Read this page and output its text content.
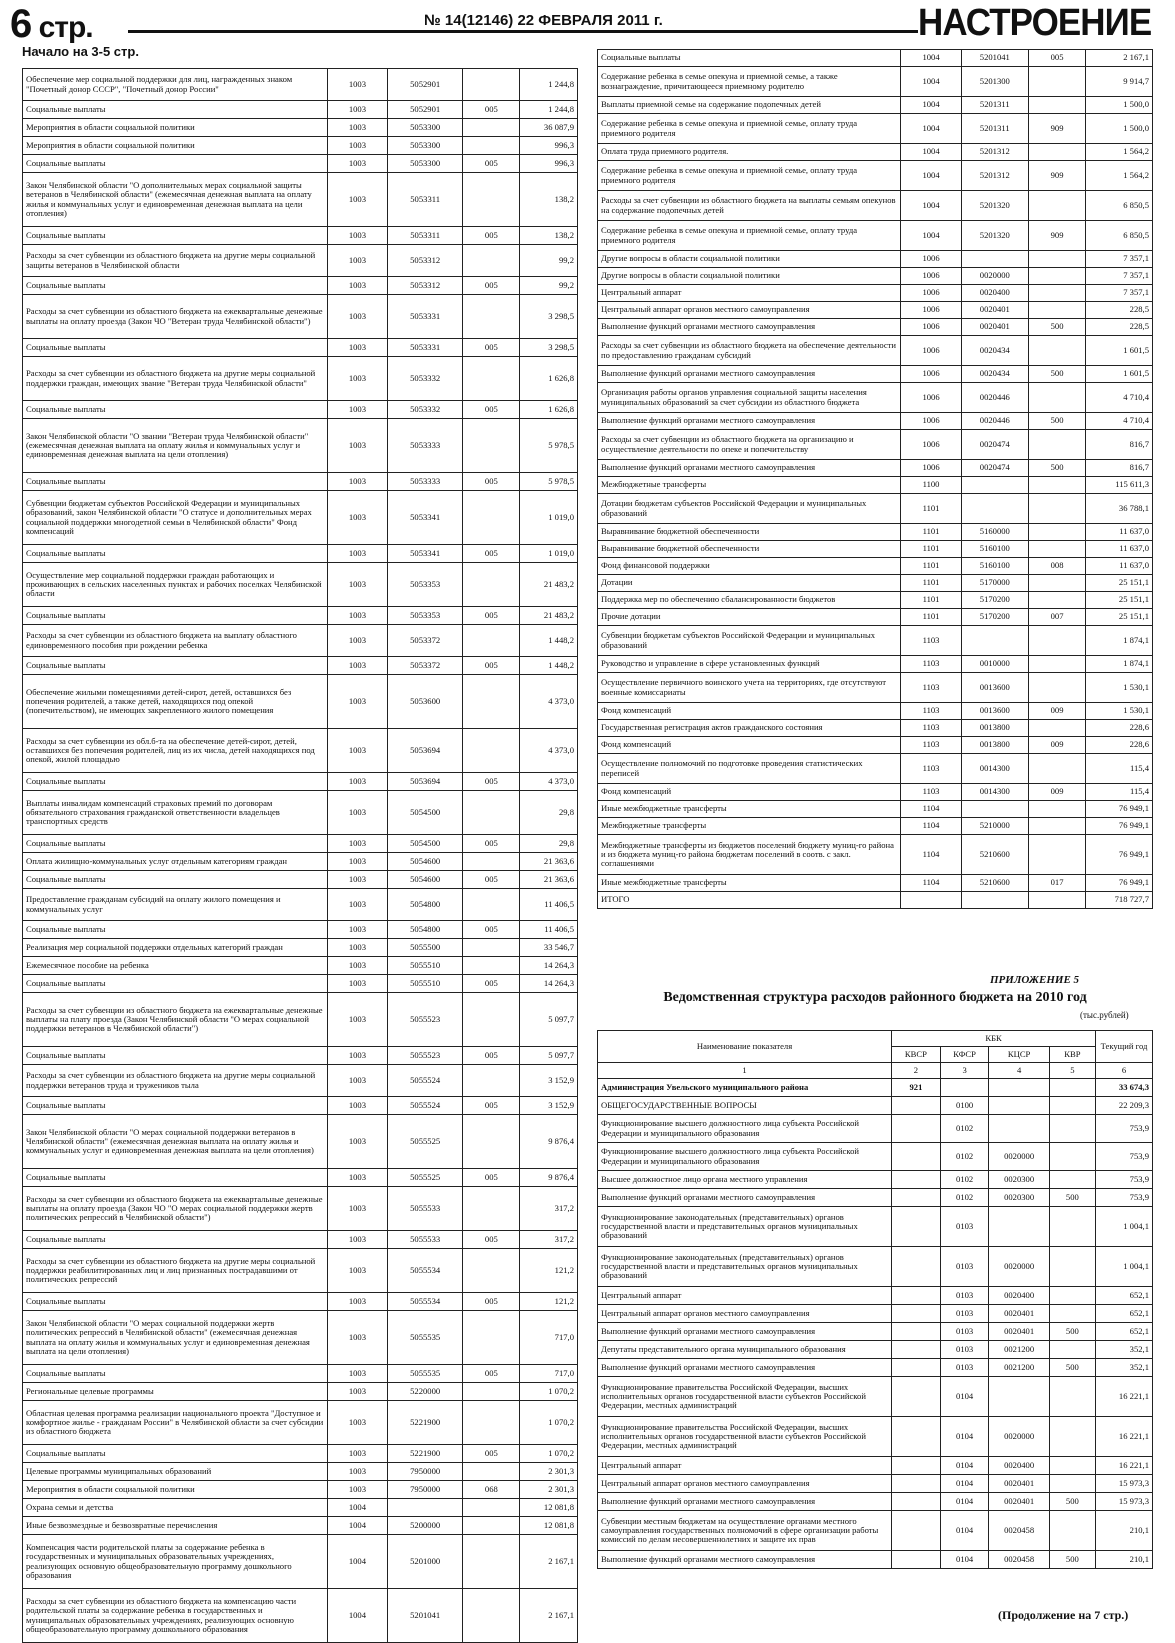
6 стр.	№ 14(12146) 22 ФЕВРАЛЯ 2011 г.	НАСТРОЕНИЕ
Начало на 3-5 стр.
Обеспечение мер социальной поддержки для лиц, награжденных знаком "Почетный донор СССР", "Почетный донор России"	1003	5052901		1 244,8
Социальные выплаты	1003	5052901	005	1 244,8
Мероприятия в области социальной политики	1003	5053300		36 087,9
Мероприятия в области социальной политики	1003	5053300		996,3
Социальные выплаты	1003	5053300	005	996,3
Закон Челябинской области "О дополнительных мерах социальной защиты ветеранов в Челябинской области" (ежемесячная денежная выплата на оплату жилья и коммунальных услуг и единовременная денежная выплата на цели отопления)	1003	5053311		138,2
Социальные выплаты	1003	5053311	005	138,2
Расходы за счет субвенции из областного бюджета на другие меры социальной защиты ветеранов в Челябинской области	1003	5053312		99,2
Социальные выплаты	1003	5053312	005	99,2
Расходы за счет субвенции из областного бюджета на ежеквартальные денежные выплаты на оплату проезда (Закон ЧО "Ветеран труда Челябинской области")	1003	5053331		3 298,5
Социальные выплаты	1003	5053331	005	3 298,5
Расходы за счет субвенции из областного бюджета на другие меры социальной поддержки граждан, имеющих звание "Ветеран труда Челябинской области"	1003	5053332		1 626,8
Социальные выплаты	1003	5053332	005	1 626,8
Закон Челябинской области "О звании "Ветеран труда Челябинской области" (ежемесячная денежная выплата на оплату жилья и коммунальных услуг и единовременная денежная выплата на цели отопления)	1003	5053333		5 978,5
Социальные выплаты	1003	5053333	005	5 978,5
Субвенции бюджетам субъектов Российской Федерации и муниципальных образований, закон Челябинской области "О статусе и дополнительных мерах социальной поддержки многодетной семьи в Челябинской области" Фонд компенсаций	1003	5053341		1 019,0
Социальные выплаты	1003	5053341	005	1 019,0
Осуществление мер социальной поддержки граждан работающих и проживающих в сельских населенных пунктах и рабочих поселках Челябинской области	1003	5053353		21 483,2
Социальные выплаты	1003	5053353	005	21 483,2
Расходы за счет субвенции из областного бюджета на выплату областного единовременного пособия при рождении ребенка	1003	5053372		1 448,2
Социальные выплаты	1003	5053372	005	1 448,2
Обеспечение жилыми помещениями детей-сирот, детей, оставшихся без попечения родителей, а также детей, находящихся под опекой (попечительством), не имеющих закрепленного жилого помещения	1003	5053600		4 373,0
Расходы за счет субвенции из обл.б-та на обеспечение детей-сирот, детей, оставшихся без попечения родителей, лиц из их числа, детей находящихся под опекой, жилой площадью	1003	5053694		4 373,0
Социальные выплаты	1003	5053694	005	4 373,0
Выплаты инвалидам компенсаций страховых премий по договорам обязательного страхования гражданской ответственности владельцев транспортных средств	1003	5054500		29,8
Социальные выплаты	1003	5054500	005	29,8
Оплата жилищно-коммунальных услуг отдельным категориям граждан	1003	5054600		21 363,6
Социальные выплаты	1003	5054600	005	21 363,6
Предоставление гражданам субсидий на оплату жилого помещения и коммунальных услуг	1003	5054800		11 406,5
Социальные выплаты	1003	5054800	005	11 406,5
Реализация мер социальной поддержки отдельных категорий граждан	1003	5055500		33 546,7
Ежемесячное пособие на ребенка	1003	5055510		14 264,3
Социальные выплаты	1003	5055510	005	14 264,3
Расходы за счет субвенции из областного бюджета на ежеквартальные денежные выплаты на плату проезда (Закон Челябинской области "О мерах социальной поддержки ветеранов в Челябинской области")	1003	5055523		5 097,7
Социальные выплаты	1003	5055523	005	5 097,7
Расходы за счет субвенции из областного бюджета на другие меры социальной поддержки ветеранов труда и тружеников тыла	1003	5055524		3 152,9
Социальные выплаты	1003	5055524	005	3 152,9
Закон Челябинской области "О мерах социальной поддержки ветеранов в Челябинской области" (ежемесячная денежная выплата на оплату жилья и коммунальных услуг и единовременная денежная выплата на цели отопления)	1003	5055525		9 876,4
Социальные выплаты	1003	5055525	005	9 876,4
Расходы за счет субвенции из областного бюджета на ежеквартальные денежные выплаты на оплату проезда (Закон ЧО "О мерах социальной поддержки жертв политических репрессий в Челябинской области")	1003	5055533		317,2
Социальные выплаты	1003	5055533	005	317,2
Расходы за счет субвенции из областного бюджета на другие меры социальной поддержки реабилитированных лиц и лиц признанных пострадавшими от политических репрессий	1003	5055534		121,2
Социальные выплаты	1003	5055534	005	121,2
Закон Челябинской области "О мерах социальной поддержки жертв политических репрессий в Челябинской области" (ежемесячная денежная выплата на оплату жилья и коммунальных услуг и единовременная денежная выплата на цели отопления)	1003	5055535		717,0
Социальные выплаты	1003	5055535	005	717,0
Региональные целевые программы	1003	5220000		1 070,2
Областная целевая программа реализации национального проекта "Доступное и комфортное жилье - гражданам России" в Челябинской области за счет субсидии из областного бюджета	1003	5221900		1 070,2
Социальные выплаты	1003	5221900	005	1 070,2
Целевые программы муниципальных образований	1003	7950000		2 301,3
Мероприятия в области социальной политики	1003	7950000	068	2 301,3
Охрана семьи и детства	1004			12 081,8
Иные безвозмездные и безвозвратные перечисления	1004	5200000		12 081,8
Компенсация части родительской платы за содержание ребенка в государственных и муниципальных образовательных учреждениях, реализующих основную общеобразовательную программу дошкольного образования	1004	5201000		2 167,1
Расходы за счет субвенции из областного бюджета на компенсацию части родительской платы за содержание ребенка в государственных и муниципальных образовательных учреждениях, реализующих основную общеобразовательную программу дошкольного образования	1004	5201041		2 167,1
Социальные выплаты	1004	5201041	005	2 167,1
Содержание ребенка в семье опекуна и приемной семье, а также вознаграждение, причитающееся приемному родителю	1004	5201300		9 914,7
Выплаты приемной семье на содержание подопечных детей	1004	5201311		1 500,0
Содержание ребенка в семье опекуна и приемной семье, оплату труда приемного родителя	1004	5201311	909	1 500,0
Оплата труда приемного родителя.	1004	5201312		1 564,2
Содержание ребенка в семье опекуна и приемной семье, оплату труда приемного родителя	1004	5201312	909	1 564,2
Расходы за счет субвенции из областного бюджета на выплаты семьям опекунов на содержание подопечных детей	1004	5201320		6 850,5
Содержание ребенка в семье опекуна и приемной семье, оплату труда приемного родителя	1004	5201320	909	6 850,5
Другие вопросы в области социальной политики	1006			7 357,1
Другие вопросы в области социальной политики	1006	0020000		7 357,1
Центральный аппарат	1006	0020400		7 357,1
Центральный аппарат органов местного самоуправления	1006	0020401		228,5
Выполнение функций органами местного самоуправления	1006	0020401	500	228,5
Расходы за счет субвенции из областного бюджета на обеспечение деятельности по предоставлению гражданам субсидий	1006	0020434		1 601,5
Выполнение функций органами местного самоуправления	1006	0020434	500	1 601,5
Организация работы органов управления социальной защиты населения муниципальных образований за счет субсидии из областного бюджета	1006	0020446		4 710,4
Выполнение функций органами местного самоуправления	1006	0020446	500	4 710,4
Расходы за счет субвенции из областного бюджета на организацию и осуществление деятельности по опеке и попечительству	1006	0020474		816,7
Выполнение функций органами местного самоуправления	1006	0020474	500	816,7
Межбюджетные трансферты	1100			115 611,3
Дотации бюджетам субъектов Российской Федерации и муниципальных образований	1101			36 788,1
Выравнивание бюджетной обеспеченности	1101	5160000		11 637,0
Выравнивание бюджетной обеспеченности	1101	5160100		11 637,0
Фонд финансовой поддержки	1101	5160100	008	11 637,0
Дотации	1101	5170000		25 151,1
Поддержка мер по обеспечению сбалансированности бюджетов	1101	5170200		25 151,1
Прочие дотации	1101	5170200	007	25 151,1
Субвенции бюджетам субъектов Российской Федерации и муниципальных образований	1103			1 874,1
Руководство и управление в сфере установленных функций	1103	0010000		1 874,1
Осуществление первичного воинского учета на территориях, где отсутствуют военные комиссариаты	1103	0013600		1 530,1
Фонд компенсаций	1103	0013600	009	1 530,1
Государственная регистрация актов гражданского состояния	1103	0013800		228,6
Фонд компенсаций	1103	0013800	009	228,6
Осуществление полномочий по подготовке проведения статистических переписей	1103	0014300		115,4
Фонд компенсаций	1103	0014300	009	115,4
Иные межбюджетные трансферты	1104			76 949,1
Межбюджетные трансферты	1104	5210000		76 949,1
Межбюджетные трансферты из бюджетов поселений бюджету муниц-го района и из бюджета муниц-го района бюджетам поселений в соотв. с закл. соглашениями	1104	5210600		76 949,1
Иные межбюджетные трансферты	1104	5210600	017	76 949,1
ИТОГО				718 727,7
ПРИЛОЖЕНИЕ 5
Ведомственная структура расходов районного бюджета на 2010 год
(тыс.рублей)
Наименование показателя	КБК				Текущий год
	КВСР	КФСР	КЦСР	КВР	
1	2	3	4	5	6
Администрация Увельского муниципального района	921				33 674,3
ОБЩЕГОСУДАРСТВЕННЫЕ ВОПРОСЫ		0100			22 209,3
Функционирование высшего должностного лица субъекта Российской Федерации и муниципального образования		0102			753,9
Функционирование высшего должностного лица субъекта Российской Федерации и муниципального образования		0102	0020000		753,9
Высшее должностное лицо органа местного управления		0102	0020300		753,9
Выполнение функций органами местного самоуправления		0102	0020300	500	753,9
Функционирование законодательных (представительных) органов государственной власти и представительных органов муниципальных образований		0103			1 004,1
Функционирование законодательных (представительных) органов государственной власти и представительных органов муниципальных образований		0103	0020000		1 004,1
Центральный аппарат		0103	0020400		652,1
Центральный аппарат органов местного самоуправления		0103	0020401		652,1
Выполнение функций органами местного самоуправления		0103	0020401	500	652,1
Депутаты представительного органа муниципального образования		0103	0021200		352,1
Выполнение функций органами местного самоуправления		0103	0021200	500	352,1
Функционирование правительства Российской Федерации, высших исполнительных органов государственной власти субъектов Российской Федерации, местных администраций		0104			16 221,1
Функционирование правительства Российской Федерации, высших исполнительных органов государственной власти субъектов Российской Федерации, местных администраций		0104	0020000		16 221,1
Центральный аппарат		0104	0020400		16 221,1
Центральный аппарат органов местного самоуправления		0104	0020401		15 973,3
Выполнение функций органами местного самоуправления		0104	0020401	500	15 973,3
Субвенции местным бюджетам на осуществление органами местного самоуправления государственных полномочий в сфере организации работы комиссий по делам несовершеннолетних и защите их прав		0104	0020458		210,1
Выполнение функций органами местного самоуправления		0104	0020458	500	210,1
(Продолжение на 7 стр.)
